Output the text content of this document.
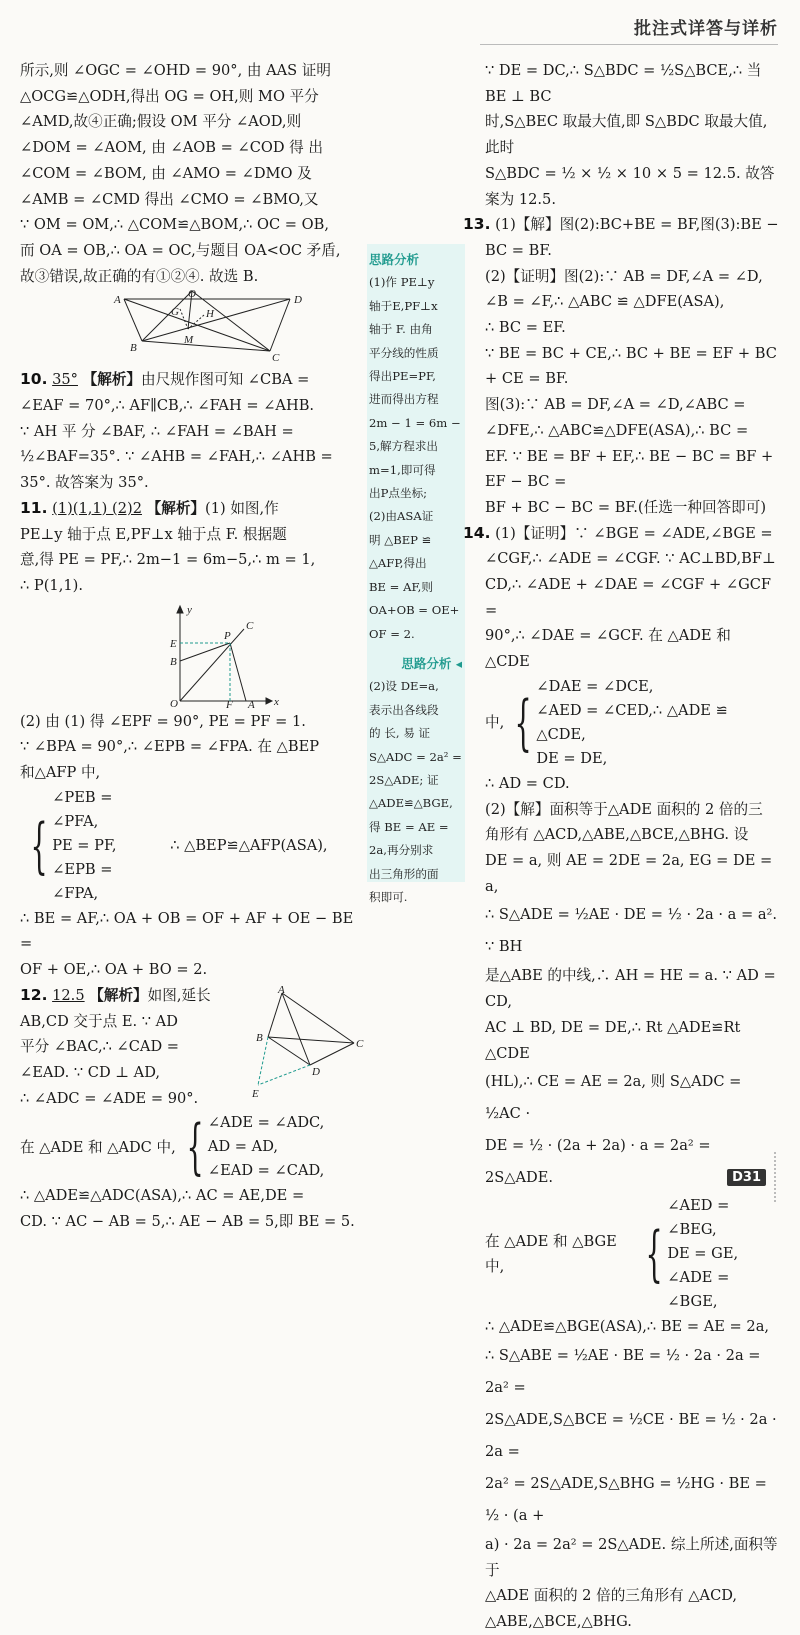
批注式详答与详析

所示,则 ∠OGC = ∠OHD = 90°, 由 AAS 证明

△OCG≌△ODH,得出 OG = OH,则 MO 平分

∠AMD,故④正确;假设 OM 平分 ∠AOD,则

∠DOM = ∠AOM, 由 ∠AOB = ∠COD 得 出

∠COM = ∠BOM, 由 ∠AMO = ∠DMO 及

∠AMB = ∠CMD 得出 ∠CMO = ∠BMO,又

∵ OM = OM,∴ △COM≌△BOM,∴ OC = OB,

而 OA = OB,∴ OA = OC,与题目 OA<OC 矛盾,

故③错误,故正确的有①②④. 故选 B.

A	O	D
G H
B
M
C

10. 35° 【解析】由尺规作图可知 ∠CBA =

∠EAF = 70°,∴ AF∥CB,∴ ∠FAH = ∠AHB.

∵ AH 平 分 ∠BAF, ∴ ∠FAH = ∠BAH =

½∠BAF=35°. ∵ ∠AHB = ∠FAH,∴ ∠AHB =

35°. 故答案为 35°.

11. (1)(1,1) (2)2 【解析】(1) 如图,作

PE⊥y 轴于点 E,PF⊥x 轴于点 F. 根据题

意,得 PE = PF,∴ 2m−1 = 6m−5,∴ m = 1,

∴ P(1,1).

y
C
E
P
B
O	F A x

(2) 由 (1) 得 ∠EPF = 90°, PE = PF = 1.

∵ ∠BPA = 90°,∴ ∠EPB = ∠FPA. 在 △BEP

和△AFP 中,

{
∠PEB = ∠PFA,
PE = PF,
∠EPB = ∠FPA,
∴ △BEP≌△AFP(ASA),

∴ BE = AF,∴ OA + OB = OF + AF + OE − BE =

OF + OE,∴ OA + BO = 2.

A
B	C
D
E

12. 12.5 【解析】如图,延长

AB,CD 交于点 E. ∵ AD

平分 ∠BAC,∴ ∠CAD =

∠EAD. ∵ CD ⊥ AD,

∴ ∠ADC = ∠ADE = 90°.

在 △ADE 和 △ADC 中, { ∠ADE = ∠ADC,
AD = AD,
∠EAD = ∠CAD,

∴ △ADE≌△ADC(ASA),∴ AC = AE,DE =

CD. ∵ AC − AB = 5,∴ AE − AB = 5,即 BE = 5.

思路分析
(1)作 PE⊥y
轴于E,PF⊥x
轴于 F. 由角
平分线的性质
得出PE=PF,
进而得出方程
2m − 1 = 6m −
5,解方程求出
m=1,即可得
出P点坐标;
(2)由ASA证
明 △BEP ≌
△AFP,得出
BE = AF,则
OA+OB = OE+
OF = 2.
思路分析 ◂
(2)设 DE=a,
表示出各线段
的 长, 易 证
S△ADC = 2a² =
2S△ADE; 证
△ADE≌△BGE,
得 BE = AE =
2a,再分别求
出三角形的面
积即可.

∵ DE = DC,∴ S△BDC = ½S△BCE,∴ 当 BE ⊥ BC

时,S△BEC 取最大值,即 S△BDC 取最大值,此时

S△BDC = ½ × ½ × 10 × 5 = 12.5. 故答案为 12.5.

13. (1)【解】图(2):BC+BE = BF,图(3):BE −

BC = BF.

(2)【证明】图(2):∵ AB = DF,∠A = ∠D,

∠B = ∠F,∴ △ABC ≌ △DFE(ASA),

∴ BC = EF.

∵ BE = BC + CE,∴ BC + BE = EF + BC + CE = BF.

图(3):∵ AB = DF,∠A = ∠D,∠ABC =

∠DFE,∴ △ABC≌△DFE(ASA),∴ BC =

EF. ∵ BE = BF + EF,∴ BE − BC = BF + EF − BC =

BF + BC − BC = BF.(任选一种回答即可)

14. (1)【证明】∵ ∠BGE = ∠ADE,∠BGE =

∠CGF,∴ ∠ADE = ∠CGF. ∵ AC⊥BD,BF⊥

CD,∴ ∠ADE + ∠DAE = ∠CGF + ∠GCF =

90°,∴ ∠DAE = ∠GCF. 在 △ADE 和 △CDE

中, {
∠DAE = ∠DCE,
∠AED = ∠CED,∴ △ADE ≌ △CDE,
DE = DE,

∴ AD = CD.

(2)【解】面积等于△ADE 面积的 2 倍的三

角形有 △ACD,△ABE,△BCE,△BHG. 设

DE = a, 则 AE = 2DE = 2a, EG = DE = a,

∴ S△ADE = ½AE · DE = ½ · 2a · a = a². ∵ BH

是△ABE 的中线,∴ AH = HE = a. ∵ AD = CD,

AC ⊥ BD, DE = DE,∴ Rt △ADE≌Rt △CDE

(HL),∴ CE = AE = 2a, 则 S△ADC = ½AC ·

DE = ½ · (2a + 2a) · a = 2a² = 2S△ADE.

在 △ADE 和 △BGE 中,	{
∠AED = ∠BEG,
DE = GE,
∠ADE = ∠BGE,

∴ △ADE≌△BGE(ASA),∴ BE = AE = 2a,

∴ S△ABE = ½AE · BE = ½ · 2a · 2a = 2a² =

2S△ADE,S△BCE = ½CE · BE = ½ · 2a · 2a =

2a² = 2S△ADE,S△BHG = ½HG · BE = ½ · (a +

a) · 2a = 2a² = 2S△ADE. 综上所述,面积等于

△ADE 面积的 2 倍的三角形有 △ACD,

△ABE,△BCE,△BHG.

D31
